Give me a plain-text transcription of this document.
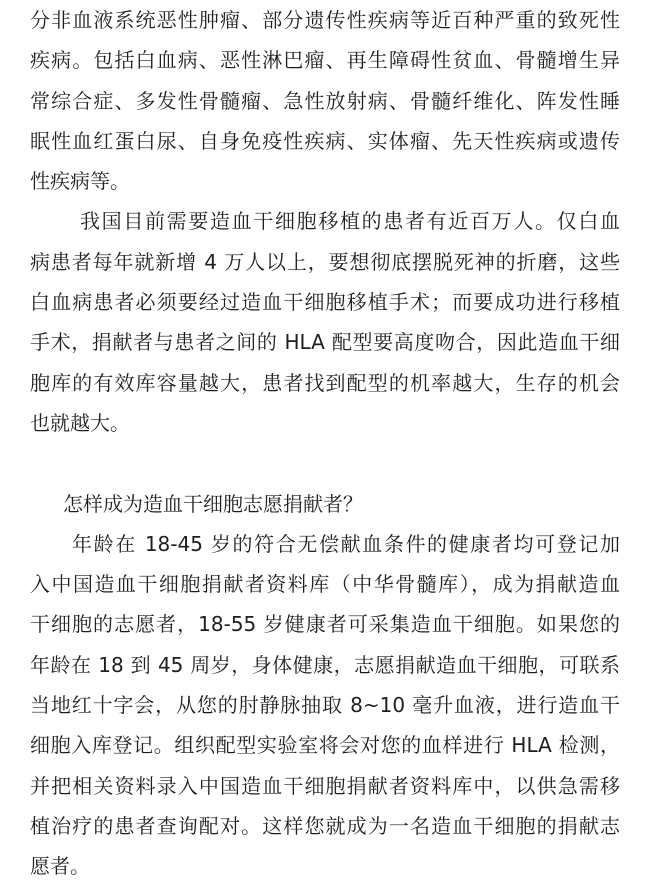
分非血液系统恶性肿瘤、部分遗传性疾病等近百种严重的致死性
疾病。包括白血病、恶性淋巴瘤、再生障碍性贫血、骨髓增生异
常综合症、多发性骨髓瘤、急性放射病、骨髓纤维化、阵发性睡
眠性血红蛋白尿、自身免疫性疾病、实体瘤、先天性疾病或遗传
性疾病等。
我国目前需要造血干细胞移植的患者有近百万人。仅白血
病患者每年就新增 4 万人以上，要想彻底摆脱死神的折磨，这些
白血病患者必须要经过造血干细胞移植手术；而要成功进行移植
手术，捐献者与患者之间的 HLA 配型要高度吻合，因此造血干细
胞库的有效库容量越大，患者找到配型的机率越大，生存的机会
也就越大。
怎样成为造血干细胞志愿捐献者？
年龄在 18-45 岁的符合无偿献血条件的健康者均可登记加
入中国造血干细胞捐献者资料库（中华骨髓库），成为捐献造血
干细胞的志愿者，18-55 岁健康者可采集造血干细胞。如果您的
年龄在 18 到 45 周岁，身体健康，志愿捐献造血干细胞，可联系
当地红十字会，从您的肘静脉抽取 8~10 毫升血液，进行造血干
细胞入库登记。组织配型实验室将会对您的血样进行 HLA 检测，
并把相关资料录入中国造血干细胞捐献者资料库中，以供急需移
植治疗的患者查询配对。这样您就成为一名造血干细胞的捐献志
愿者。
